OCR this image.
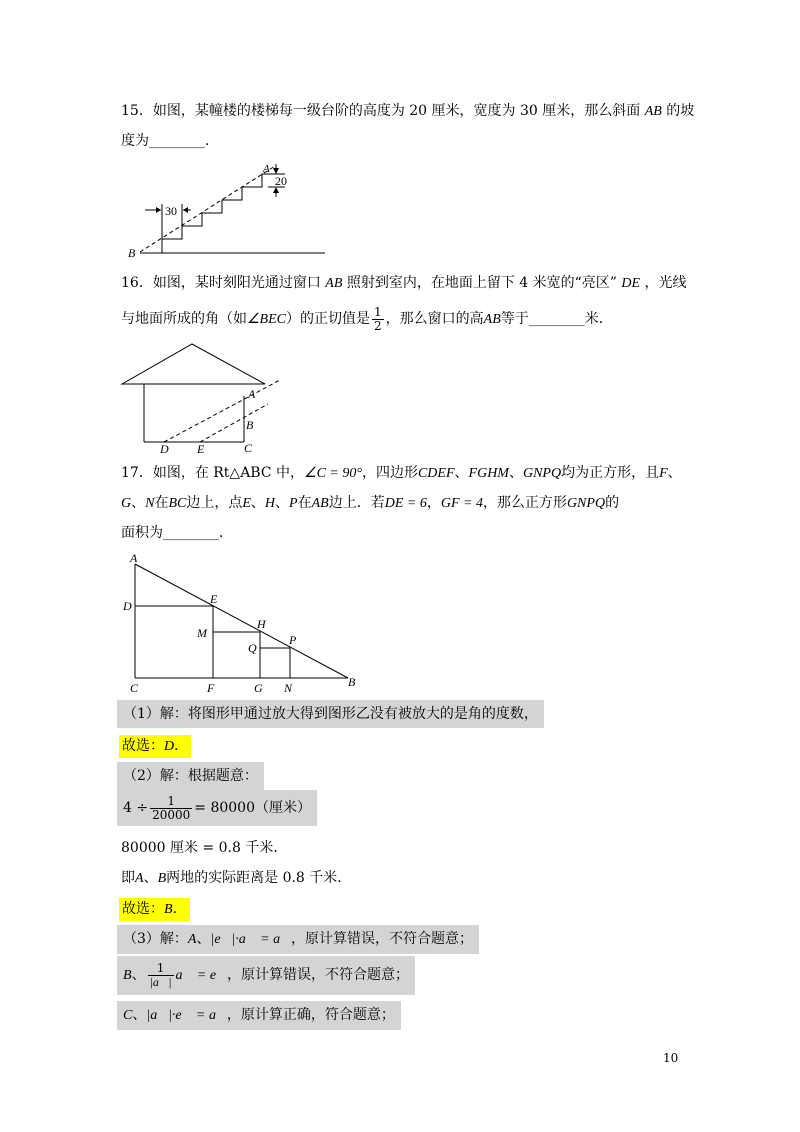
15．如图，某幢楼的楼梯每一级台阶的高度为 20 厘米，宽度为 30 厘米，那么斜面 AB 的坡
度为________．
20
30
A
B
16．如图，某时刻阳光通过窗口 AB 照射到室内，在地面上留下 4 米宽的“亮区” DE ，光线
与地面所成的角（如∠BEC）的正切值是 $\frac{1}{2}$ ，那么窗口的高AB等于________米．
A
B
C
D E
17．如图，在 Rt△ABC 中，∠C = 90°，四边形CDEF、FGHM、GNPQ均为正方形，且F、
G、N在BC边上，点E、H、P在AB边上．若DE = 6，GF = 4，那么正方形GNPQ的
面积为________．
A
D	E
M
H
Q
P
C	F	G N	B
（1）解：将图形甲通过放大得到图形乙没有被放大的是角的度数，
故选：D．
（2）解：根据题意：
$4 \div \frac{1}{20000} = 80000$（厘米）
80000 厘米 = 0.8 千米．
即A、B两地的实际距离是 0.8 千米．
故选：B．
（3）解：A、|e⃗|·a⃗ = a⃗，原计算错误，不符合题意；
B、 $\frac{1}{|a⃗|}$ a⃗ = e⃗，原计算错误，不符合题意；
C、|a⃗|·e⃗ = a⃗，原计算正确，符合题意；
10
